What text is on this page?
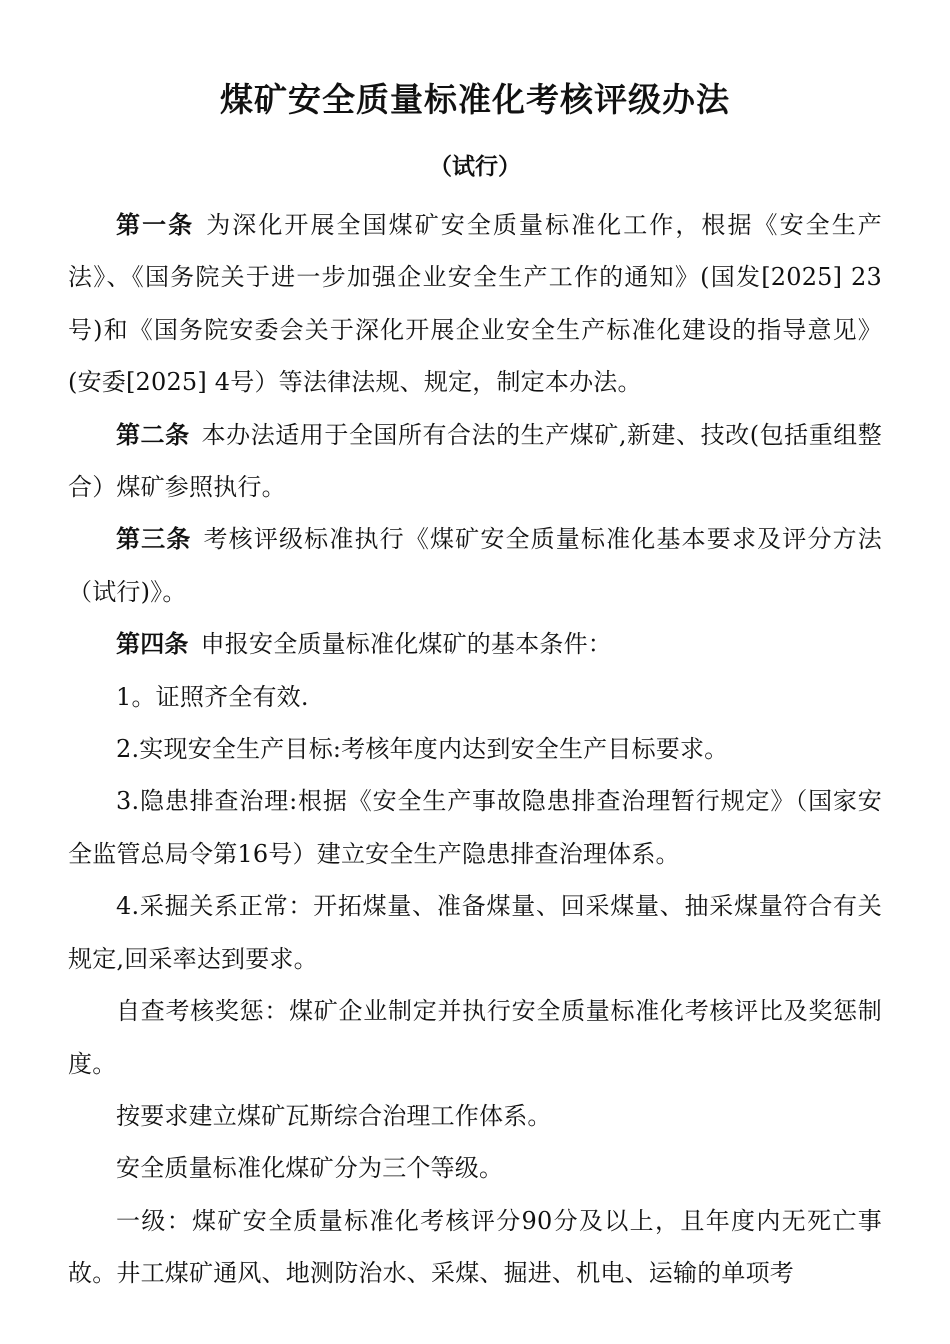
煤矿安全质量标准化考核评级办法
（试行）

第一条 为深化开展全国煤矿安全质量标准化工作，根据《安全生产法》、《国务院关于进一步加强企业安全生产工作的通知》(国发[2025] 23号)和《国务院安委会关于深化开展企业安全生产标准化建设的指导意见》(安委[2025] 4号）等法律法规、规定，制定本办法。

第二条 本办法适用于全国所有合法的生产煤矿,新建、技改(包括重组整合）煤矿参照执行。

第三条 考核评级标准执行《煤矿安全质量标准化基本要求及评分方法（试行)》。

第四条 申报安全质量标准化煤矿的基本条件：

1。证照齐全有效.

2.实现安全生产目标:考核年度内达到安全生产目标要求。

3.隐患排查治理:根据《安全生产事故隐患排查治理暂行规定》（国家安全监管总局令第16号）建立安全生产隐患排查治理体系。

4.采掘关系正常：开拓煤量、准备煤量、回采煤量、抽采煤量符合有关规定,回采率达到要求。

自查考核奖惩：煤矿企业制定并执行安全质量标准化考核评比及奖惩制度。

按要求建立煤矿瓦斯综合治理工作体系。

安全质量标准化煤矿分为三个等级。

一级：煤矿安全质量标准化考核评分90分及以上，且年度内无死亡事故。井工煤矿通风、地测防治水、采煤、掘进、机电、运输的单项考
